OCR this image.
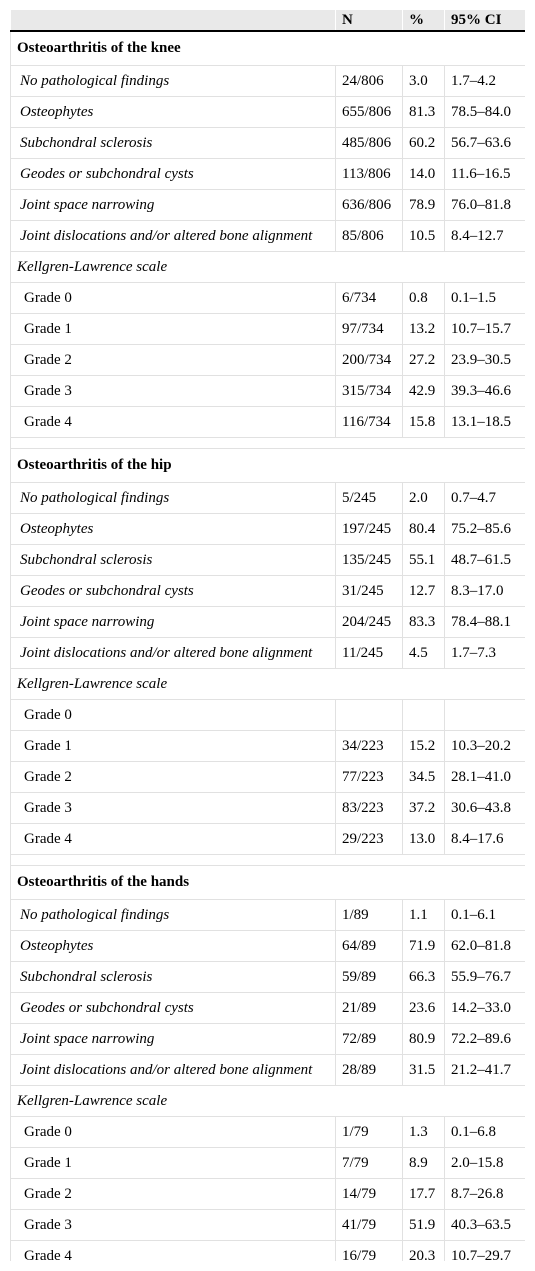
	N	%	95% CI
Osteoarthritis of the knee			
No pathological findings	24/806	3.0	1.7–4.2
Osteophytes	655/806	81.3	78.5–84.0
Subchondral sclerosis	485/806	60.2	56.7–63.6
Geodes or subchondral cysts	113/806	14.0	11.6–16.5
Joint space narrowing	636/806	78.9	76.0–81.8
Joint dislocations and/or altered bone alignment	85/806	10.5	8.4–12.7
Kellgren-Lawrence scale			
Grade 0	6/734	0.8	0.1–1.5
Grade 1	97/734	13.2	10.7–15.7
Grade 2	200/734	27.2	23.9–30.5
Grade 3	315/734	42.9	39.3–46.6
Grade 4	116/734	15.8	13.1–18.5

Osteoarthritis of the hip			
No pathological findings	5/245	2.0	0.7–4.7
Osteophytes	197/245	80.4	75.2–85.6
Subchondral sclerosis	135/245	55.1	48.7–61.5
Geodes or subchondral cysts	31/245	12.7	8.3–17.0
Joint space narrowing	204/245	83.3	78.4–88.1
Joint dislocations and/or altered bone alignment	11/245	4.5	1.7–7.3
Kellgren-Lawrence scale			
Grade 0			
Grade 1	34/223	15.2	10.3–20.2
Grade 2	77/223	34.5	28.1–41.0
Grade 3	83/223	37.2	30.6–43.8
Grade 4	29/223	13.0	8.4–17.6

Osteoarthritis of the hands			
No pathological findings	1/89	1.1	0.1–6.1
Osteophytes	64/89	71.9	62.0–81.8
Subchondral sclerosis	59/89	66.3	55.9–76.7
Geodes or subchondral cysts	21/89	23.6	14.2–33.0
Joint space narrowing	72/89	80.9	72.2–89.6
Joint dislocations and/or altered bone alignment	28/89	31.5	21.2–41.7
Kellgren-Lawrence scale			
Grade 0	1/79	1.3	0.1–6.8
Grade 1	7/79	8.9	2.0–15.8
Grade 2	14/79	17.7	8.7–26.8
Grade 3	41/79	51.9	40.3–63.5
Grade 4	16/79	20.3	10.7–29.7
